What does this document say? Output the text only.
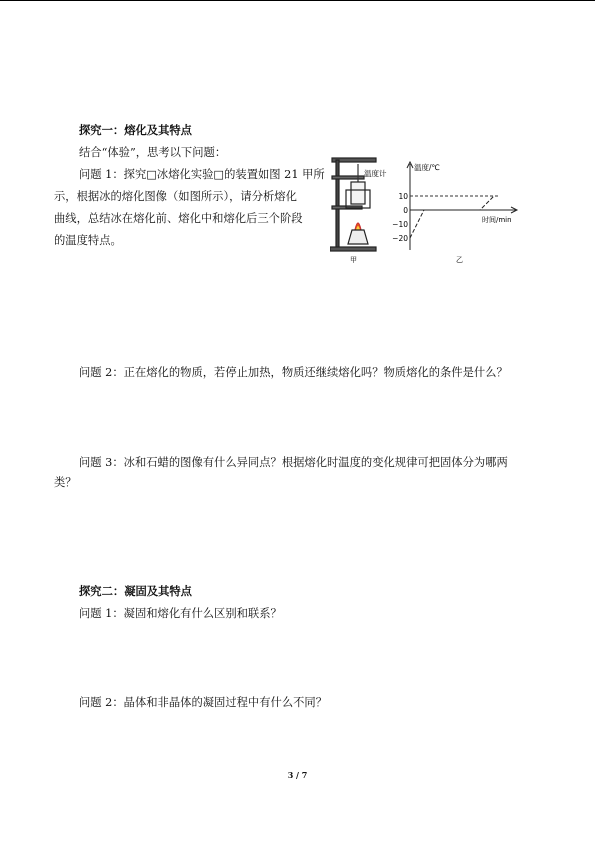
探究一：熔化及其特点
结合“体验”，思考以下问题：
问题 1：探究□冰熔化实验□的装置如图 21 甲所
示，根据冰的熔化图像（如图所示），请分析熔化
曲线，总结冰在熔化前、熔化中和熔化后三个阶段
的温度特点。
温度计
甲
温度/℃
时间/min
10
0
−10
−20
乙
问题 2：正在熔化的物质，若停止加热，物质还继续熔化吗？物质熔化的条件是什么？
问题 3：冰和石蜡的图像有什么异同点？根据熔化时温度的变化规律可把固体分为哪两
类？
探究二：凝固及其特点
问题 1：凝固和熔化有什么区别和联系？
问题 2：晶体和非晶体的凝固过程中有什么不同？
3 / 7
